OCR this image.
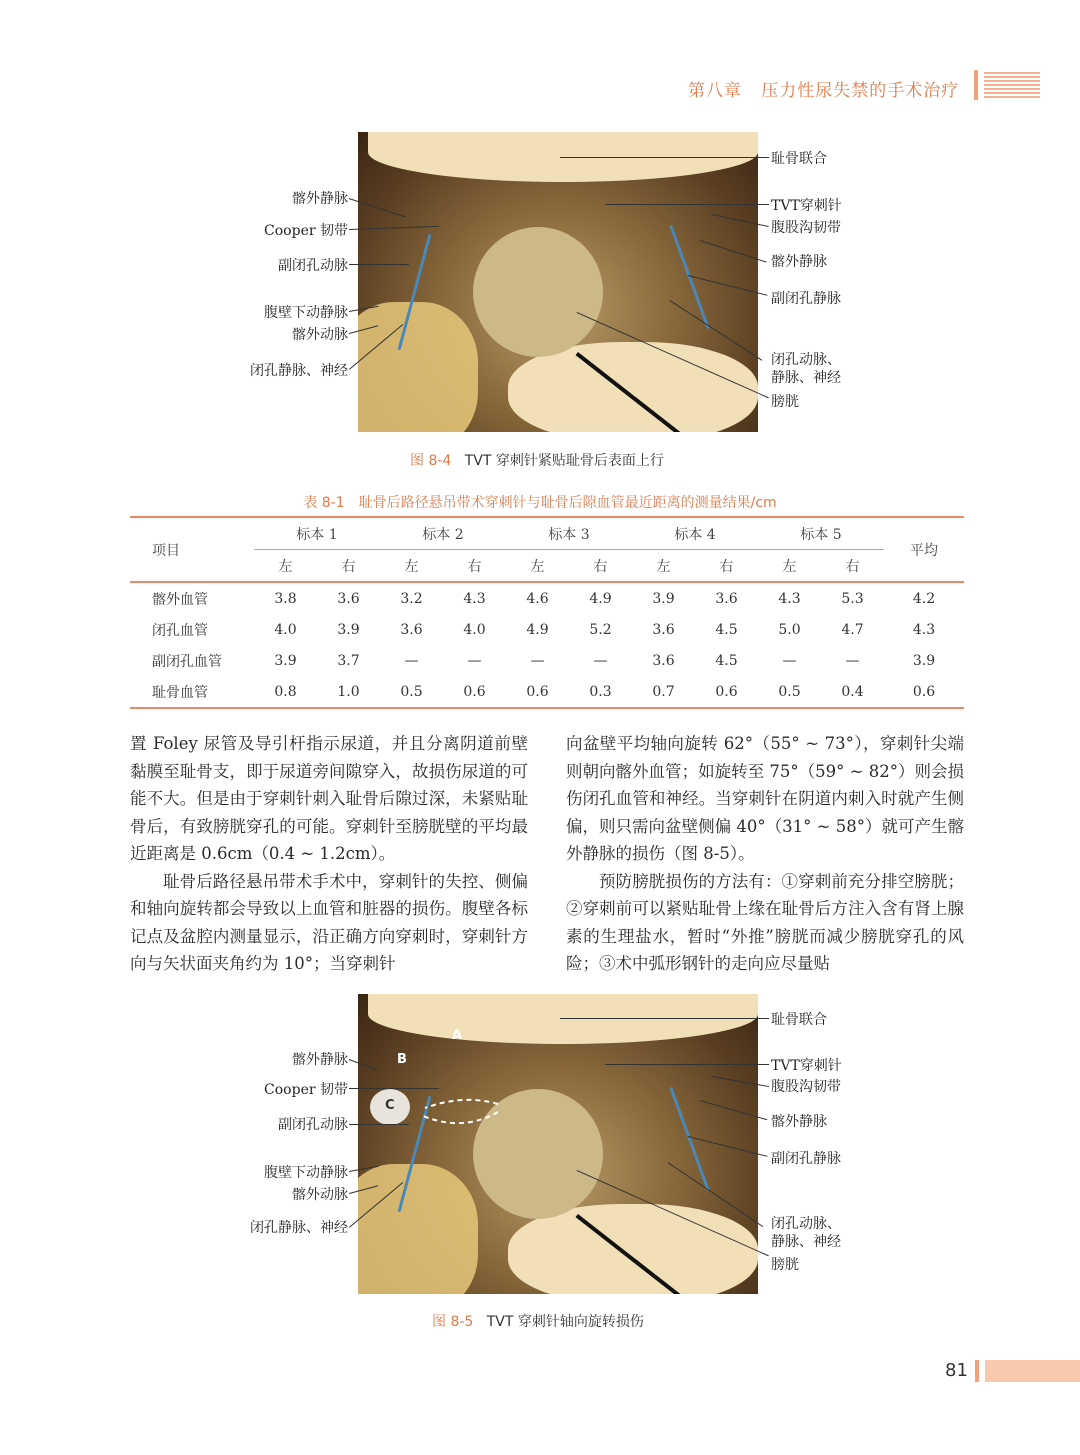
第八章 压力性尿失禁的手术治疗
髂外静脉
Cooper 韧带
副闭孔动脉
腹壁下动静脉
髂外动脉
闭孔静脉、神经
耻骨联合
TVT穿刺针
腹股沟韧带
髂外静脉
副闭孔静脉
闭孔动脉、
静脉、神经
膀胱
图 8-4 TVT 穿刺针紧贴耻骨后表面上行
表 8-1　耻骨后路径悬吊带术穿刺针与耻骨后隙血管最近距离的测量结果/cm
项目	标本 1		标本 2		标本 3		标本 4		标本 5		平均
	左	右	左	右	左	右	左	右	左	右	
髂外血管	3.8	3.6	3.2	4.3	4.6	4.9	3.9	3.6	4.3	5.3	4.2
闭孔血管	4.0	3.9	3.6	4.0	4.9	5.2	3.6	4.5	5.0	4.7	4.3
副闭孔血管	3.9	3.7	—	—	—	—	3.6	4.5	—	—	3.9
耻骨血管	0.8	1.0	0.5	0.6	0.6	0.3	0.7	0.6	0.5	0.4	0.6

置 Foley 尿管及导引杆指示尿道，并且分离阴道前壁黏膜至耻骨支，即于尿道旁间隙穿入，故损伤尿道的可能不大。但是由于穿刺针刺入耻骨后隙过深，未紧贴耻骨后，有致膀胱穿孔的可能。穿刺针至膀胱壁的平均最近距离是 0.6cm（0.4 ~ 1.2cm）。

耻骨后路径悬吊带术手术中，穿刺针的失控、侧偏和轴向旋转都会导致以上血管和脏器的损伤。腹壁各标记点及盆腔内测量显示，沿正确方向穿刺时，穿刺针方向与矢状面夹角约为 10°；当穿刺针

向盆壁平均轴向旋转 62°（55° ~ 73°），穿刺针尖端则朝向髂外血管；如旋转至 75°（59° ~ 82°）则会损伤闭孔血管和神经。当穿刺针在阴道内刺入时就产生侧偏，则只需向盆壁侧偏 40°（31° ~ 58°）就可产生髂外静脉的损伤（图 8-5）。

预防膀胱损伤的方法有：①穿刺前充分排空膀胱；②穿刺前可以紧贴耻骨上缘在耻骨后方注入含有肾上腺素的生理盐水，暂时“外推”膀胱而减少膀胱穿孔的风险；③术中弧形钢针的走向应尽量贴

A
B
C
髂外静脉
Cooper 韧带
副闭孔动脉
腹壁下动静脉
髂外动脉
闭孔静脉、神经
耻骨联合
TVT穿刺针
腹股沟韧带
髂外静脉
副闭孔静脉
闭孔动脉、
静脉、神经
膀胱
图 8-5 TVT 穿刺针轴向旋转损伤
81
